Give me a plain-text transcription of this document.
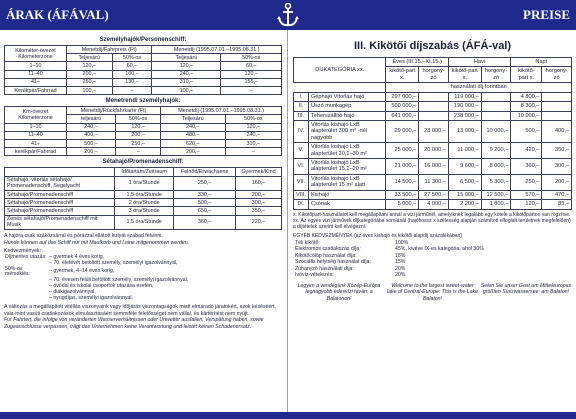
ÁRAK (ÁFÁVAL)	PREISE
Személyhajók/Personenschiff:
Kilométer-övezet Kilometerzone	Menetdíj/Fahrpreis (Ft)		Menetdíj (1995.07.01.–1995.08.31.)	
	Teljesárú	50%-os	Teljesárú	50%-os
1–10	120,–	60,–	120,–	60,–
11–40	200,–	100,–	240,–	120,–
41–	260,–	130,–	310,–	155,–
Kerékpár/Fahrrad	100,–	–	100,–	–
Menetrendi személyhajók:
Km-övezet Kilometerzone	Menetdíj/Rückfahrkarte (Ft)		Menetdíj (1995.07.01.–1995.08.31.)	
	teljesárú	50%-os	Teljesárú	50%-os
1–10	240,–	120,–	240,–	120,–
11–40	400,–	200,–	480,–	240,–
41–	500,–	250,–	620,–	310,–
kerékpár/Fahrrad	200,–	–	200,–	–
Sétahajó/Promenadenschiff:
	Időtartam/Zeitraum	Felnőtt/Erwachsene	Gyermek/Kind
Sétahajó, vitorlás sétahajó/ Promenadenschiff, Segelyacht	1 óra/Stunde	250,–	160,–
Sétahajó/Promenadenschiff	1,5 óra/Stunde	330,–	200,–
Sétahajó/Promenadenschiff	2 óra/Stunde	500,–	300,–
Sétahajó/Promenadenschiff	3 óra/Stunde	650,–	350,–
Zenés sétahajó/Promenadenschiff mit Musik	1,5 óra/Stunde	360,–	220,–
A hajóra csak száközsárral és pórázzal ellátott kutyát szabad felvinni.
Hunde können auf das Schiff nur mit Maulkorb und Leine mitgenommen werden.
Kedvezmények:
Díjmentes utazás:	– gyermek 4 éves korig,
	– 70. életévét betöltött személy, személyi igazolvánnyal,
50%-os mérséklés:	– gyermek, 4–14 éves korig,
	– 70. évesen felüli betöltött személy, személyi igazolvánnyal,
	– óvódai és iskolai csoportok utazása esetén,
	– diákigazolvánnyal,
	– nyugdíjas, személyi igazolvánnyal.
A változás a megállapított vitéllás viszonyaink vagy időjárás viszontagságok miatt elmaradó járatokért, azok késéséért, vala-mint vasúti csatlakozások elmulasztásáért semmiféle felelősséget nem vállal, és kártérítést nem nyújt.
Für Fahrten, die infolge von veränderten Wasserverhältnissen oder Unwetter ausfallen, Verspätung haben, sowie Zugeanschlüsse verpassen, trägt das Unternehmen keine Verantwortung und leistet keinen Schadenersatz.
III. Kikötői díjszabás (ÁFÁ-val)
DÍJKATEGÓRIA xx.		Éves (III.15.–XI.15.)		Havi		Napi	
		kikötő-part x.	horgony-zó	kikötő-part x.	horgony-zó	kikötő-part x.	horgony-zó
		használati díj forintban					
I.	Géphajó Vitorlás hajó	297 000,–		119 000,–		4 800,–	
II.	Úszó munkagép	500 000,–		190 000,–		8 300,–	
III.	Teherszállító hajó	641 000,–		238 000,–		10 000,–	
IV.	Vitorlás kishajó LxB alapterület 300 m² -nél nagyobb	29 000,–	23 000,–	13 000,–	10 000,–	500,–	400,–
V.	Vitorlás kishajó LxB alapterület 20,1–30 m²	25 000,–	20 000,–	11 000,–	9 200,–	420,–	350,–
VI.	Vitorlás kishajó LxB alapterület 15,1–20 m²	21 000,–	16 000,–	9 600,–	8 000,–	360,–	300,–
VII.	Vitorlás kishajó LxB alapterület 15 m² alatt	14 500,–	11 300,–	6 500,–	5 300,–	250,–	200,–
VIII.	Kishajó	33 500,–	27 500,–	15 000,–	12 500,–	570,–	470,–
IX.	Csónak	5 000,–	4 000,–	2 200,–	1 800,–	120,–	85,–
x. Kikötőpart-használatot kell megállapítani annál a vízi járműnél, amelyiknek legalább egy kötele a kikötőparton van rögzítve. xx. Az egyes vízi járművek díjkategóriába sorolását (hajóhossz x szélesség alapján számított elfoglalt területnek megfelelően) a díjtételek szerint kell elvégezni.
EGYÉB KEDVEZMÉNYEK (az éves kishajó és kikötői alapdíj százalékában)
Téli kikötő:	100%
Elektromos csatlakozás díja:	45%, kivéve IX-es kategória, ahol 30%
Kikötőcölöp használat díja:	18%
Szociális helyiség használat díja:	15%
Zuhanyzó használati díja:	20%
Ivóvíz-vételezés:	20%
Legyen a vendégünk Közép-Európa legnagyobb édesvízi taván: a Balatonon!
Welcome to the largest sweet-water lake of Central-Europe: This is the Lake Balaton!
Seien Sie unser Gast am Mitteleuropas größten Süsswassersee: am Balaton!
